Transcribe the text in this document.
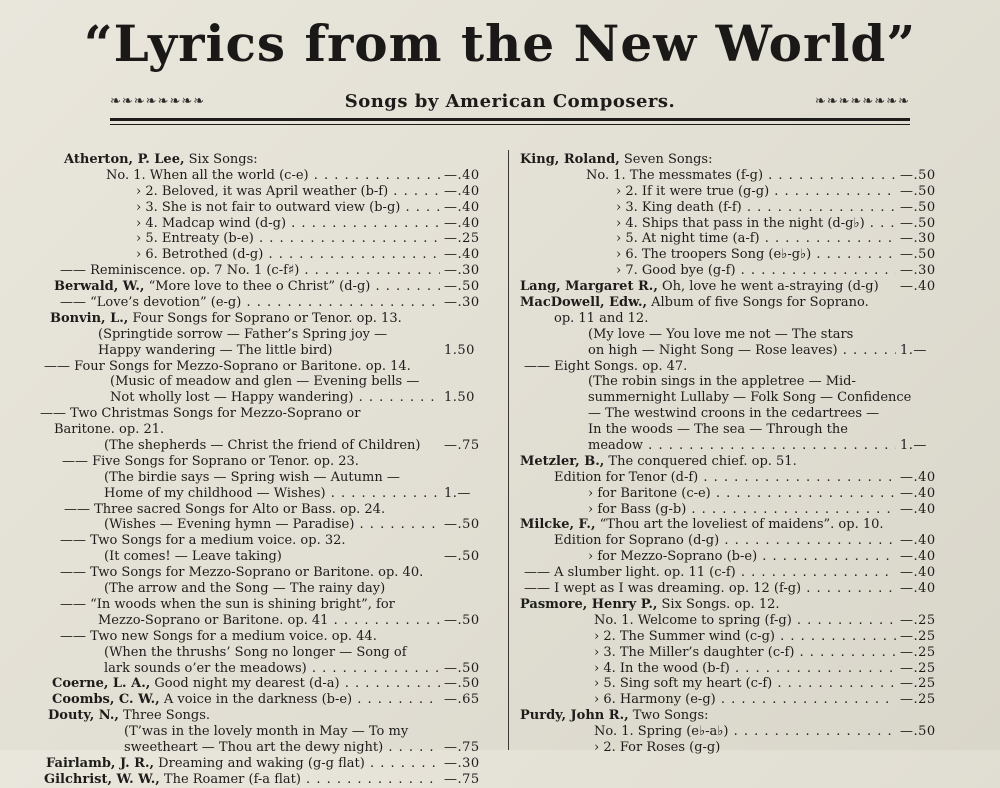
“Lyrics from the New World”
❧❧❧❧❧❧❧❧	Songs by American Composers.	❧❧❧❧❧❧❧❧
Atherton, P. Lee, Six Songs:
No. 1. When all the world (c-e) . . .	—.40
› 2. Beloved, it was April weather (b-f) . . .	—.40
› 3. She is not fair to outward view (b-g) . . .	—.40
› 4. Madcap wind (d-g) . . .	—.40
› 5. Entreaty (b-e) . . .	—.25
› 6. Betrothed (d-g) . . .	—.40
—— Reminiscence. op. 7 No. 1 (c-f♯) . . .	—.30
Berwald, W., “More love to thee o Christ” (d-g) . . .	—.50
—— “Love’s devotion” (e-g) . . .	—.30
Bonvin, L., Four Songs for Soprano or Tenor. op. 13.
(Springtide sorrow — Father’s Spring joy —
Happy wandering — The little bird)	1.50
—— Four Songs for Mezzo-Soprano or Baritone. op. 14.
(Music of meadow and glen — Evening bells —
Not wholly lost — Happy wandering) . . .	1.50
—— Two Christmas Songs for Mezzo-Soprano or
Baritone. op. 21.
(The shepherds — Christ the friend of Children) —.75
—— Five Songs for Soprano or Tenor. op. 23.
(The birdie says — Spring wish — Autumn —
Home of my childhood — Wishes) . . .	1.—
—— Three sacred Songs for Alto or Bass. op. 24.
(Wishes — Evening hymn — Paradise) . . .	—.50
—— Two Songs for a medium voice. op. 32.
(It comes! — Leave taking)	—.50
—— Two Songs for Mezzo-Soprano or Baritone. op. 40.
(The arrow and the Song — The rainy day)
—— “In woods when the sun is shining bright”, for
Mezzo-Soprano or Baritone. op. 41 . . .	—.50
—— Two new Songs for a medium voice. op. 44.
(When the thrushs’ Song no longer — Song of
lark sounds o’er the meadows) . . .	—.50
Coerne, L. A., Good night my dearest (d-a) . . .	—.50
Coombs, C. W., A voice in the darkness (b-e) . . .	—.65
Douty, N., Three Songs.
(T’was in the lovely month in May — To my
sweetheart — Thou art the dewy night) . . .	—.75
Fairlamb, J. R., Dreaming and waking (g-g flat) . . .	—.30
Gilchrist, W. W., The Roamer (f-a flat) . . .	—.75
King, Roland, Seven Songs:
No. 1. The messmates (f-g) . . .	—.50
› 2. If it were true (g-g) . . .	—.50
› 3. King death (f-f) . . .	—.50
› 4. Ships that pass in the night (d-g♭) . . .	—.50
› 5. At night time (a-f) . . .	—.30
› 6. The troopers Song (e♭-g♭) . . .	—.50
› 7. Good bye (g-f) . . .	—.30
Lang, Margaret R., Oh, love he went a-straying (d-g) —.40
MacDowell, Edw., Album of five Songs for Soprano.
op. 11 and 12.
(My love — You love me not — The stars
on high — Night Song — Rose leaves) . . .	1.—
—— Eight Songs. op. 47.
(The robin sings in the appletree — Mid-
summernight Lullaby — Folk Song — Confidence
— The westwind croons in the cedartrees —
In the woods — The sea — Through the
meadow . . .	1.—
Metzler, B., The conquered chief. op. 51.
Edition for Tenor (d-f) . . .	—.40
› for Baritone (c-e) . . .	—.40
› for Bass (g-b) . . .	—.40
Milcke, F., “Thou art the loveliest of maidens”. op. 10.
Edition for Soprano (d-g) . . .	—.40
› for Mezzo-Soprano (b-e) . . .	—.40
—— A slumber light. op. 11 (c-f) . . .	—.40
—— I wept as I was dreaming. op. 12 (f-g) . . .	—.40
Pasmore, Henry P., Six Songs. op. 12.
No. 1. Welcome to spring (f-g) . . .	—.25
› 2. The Summer wind (c-g) . . .	—.25
› 3. The Miller’s daughter (c-f) . . .	—.25
› 4. In the wood (b-f) . . .	—.25
› 5. Sing soft my heart (c-f) . . .	—.25
› 6. Harmony (e-g) . . .	—.25
Purdy, John R., Two Songs:
No. 1. Spring (e♭-a♭) . . .	—.50
› 2. For Roses (g-g)
